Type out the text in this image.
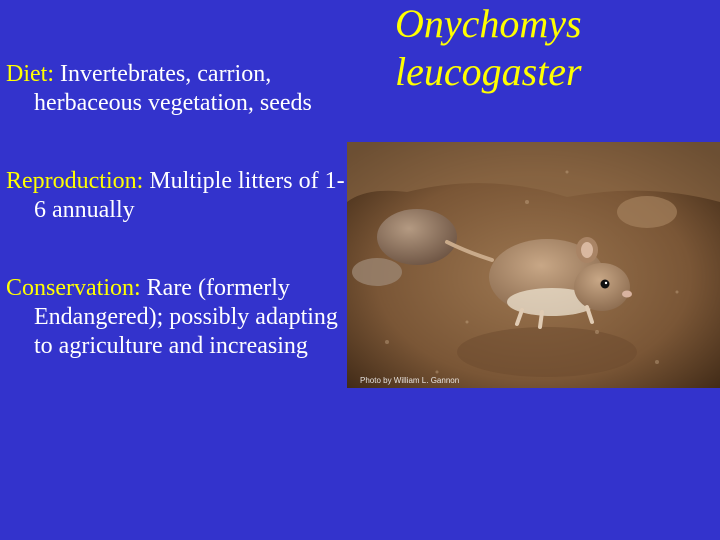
Onychomys
leucogaster

Diet: Invertebrates, carrion, herbaceous vegetation, seeds

Reproduction: Multiple litters of 1-6 annually

Conservation: Rare (formerly Endangered); possibly adapting to agriculture and increasing

Photo by William L. Gannon
